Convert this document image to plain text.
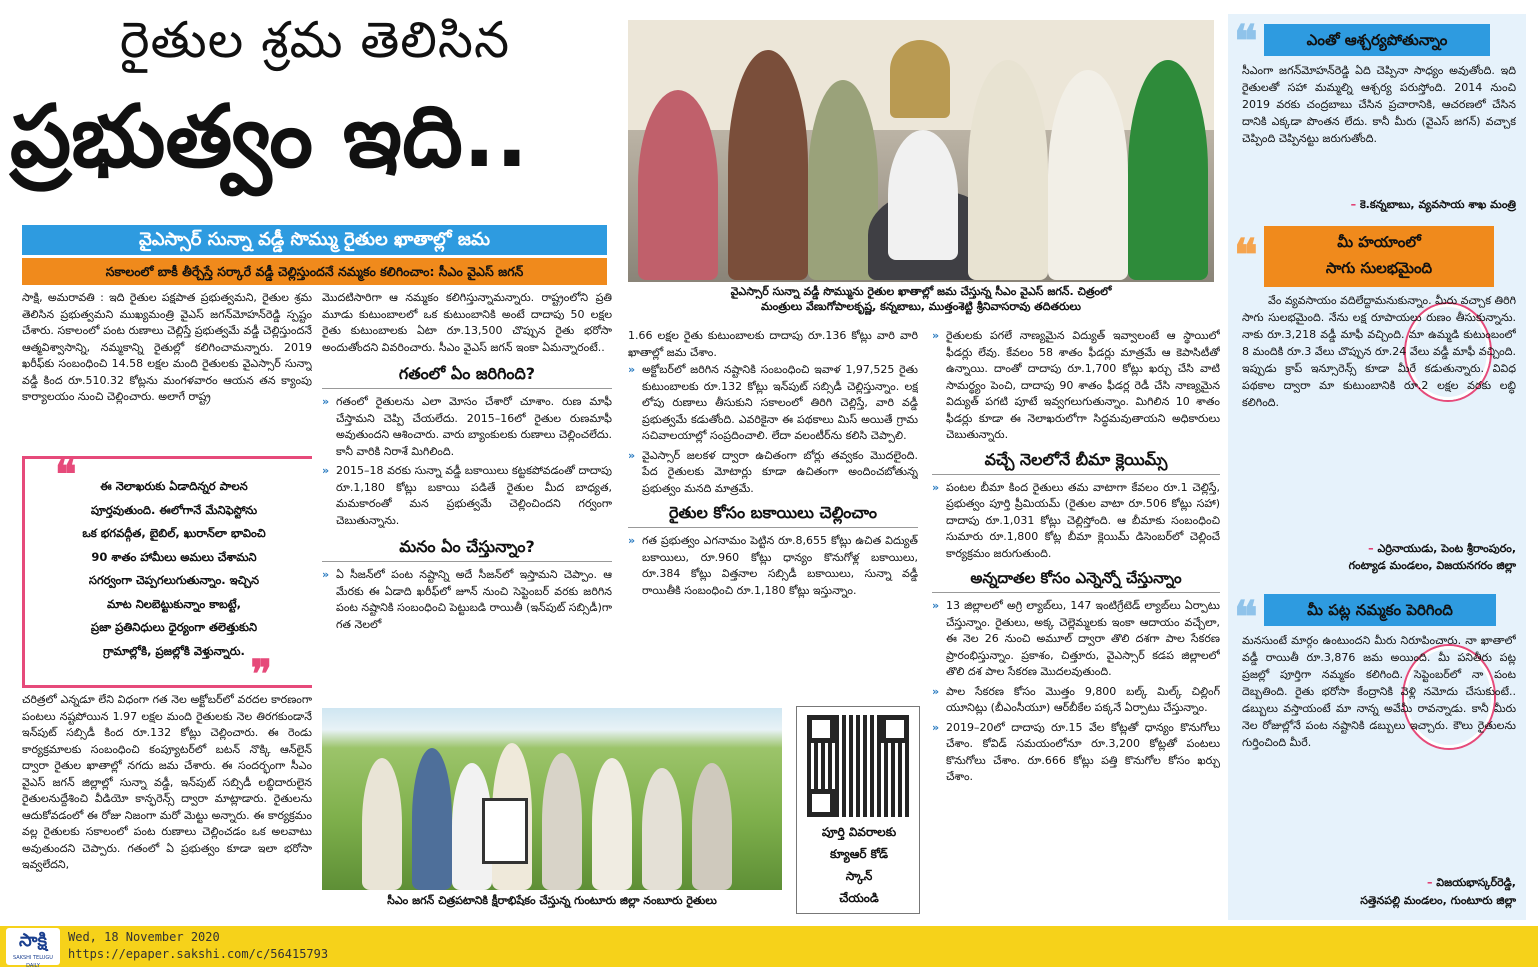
రైతుల శ్రమ తెలిసిన
ప్రభుత్వం ఇది..
వైఎస్సార్‌ సున్నా వడ్డీ సొమ్ము రైతుల ఖాతాల్లో జమ
సకాలంలో బాకీ తీర్చేస్తే సర్కారే వడ్డీ చెల్లిస్తుందనే నమ్మకం కలిగించాం: సీఎం వైఎస్‌ జగన్‌

సాక్షి, అమరావతి : ఇది రైతుల పక్షపాత ప్రభుత్వమని, రైతుల శ్రమ తెలిసిన ప్రభుత్వమని ముఖ్యమంత్రి వైఎస్‌ జగన్‌మోహన్‌రెడ్డి స్పష్టం చేశారు. సకాలంలో పంట రుణాలు చెల్లిస్తే ప్రభుత్వమే వడ్డీ చెల్లిస్తుందనే ఆత్మవిశ్వాసాన్ని, నమ్మకాన్ని రైతుల్లో కలిగించామన్నారు. 2019 ఖరీఫ్‌కు సంబంధించి 14.58 లక్షల మంది రైతులకు వైఎస్సార్‌ సున్నా వడ్డీ కింద రూ.510.32 కోట్లను మంగళవారం ఆయన తన క్యాంపు కార్యాలయం నుంచి చెల్లించారు. అలాగే రాష్ట్ర

❝
❞
ఈ నెలాఖరుకు ఏడాదిన్నర పాలన
పూర్తవుతుంది. ఈలోగానే మేనిఫెస్టోను
ఒక భగవద్గీత, బైబిల్‌, ఖురాన్‌లా భావించి
90 శాతం హామీలు అమలు చేశామని
సగర్వంగా చెప్పగలుగుతున్నాం. ఇచ్చిన
మాట నిలబెట్టుకున్నాం కాబట్టే,
ప్రజా ప్రతినిధులు ధైర్యంగా తలెత్తుకుని
గ్రామాల్లోకి, ప్రజల్లోకి వెళ్తున్నారు.

చరిత్రలో ఎన్నడూ లేని విధంగా గత నెల అక్టోబర్‌లో వరదల కారణంగా పంటలు నష్టపోయిన 1.97 లక్షల మంది రైతులకు నెల తిరగకుండానే ఇన్‌పుట్‌ సబ్సిడీ కింద రూ.132 కోట్లు చెల్లించారు. ఈ రెండు కార్యక్రమాలకు సంబంధించి కంప్యూటర్‌లో బటన్‌ నొక్కి ఆన్‌లైన్‌ ద్వారా రైతుల ఖాతాల్లో నగదు జమ చేశారు. ఈ సందర్భంగా సీఎం వైఎస్‌ జగన్‌ జిల్లాల్లో సున్నా వడ్డీ, ఇన్‌పుట్‌ సబ్సిడీ లబ్ధిదారులైన రైతులనుద్దేశించి వీడియో కాన్ఫరెన్స్‌ ద్వారా మాట్లాడారు. రైతులను ఆదుకోవడంలో ఈ రోజు నిజంగా మరో మెట్టు అన్నారు. ఈ కార్యక్రమం వల్ల రైతులకు సకాలంలో పంట రుణాలు చెల్లించడం ఒక అలవాటు అవుతుందని చెప్పారు. గతంలో ఏ ప్రభుత్వం కూడా ఇలా భరోసా ఇవ్వలేదని,

మొదటిసారిగా ఆ నమ్మకం కలిగిస్తున్నామన్నారు. రాష్ట్రంలోని ప్రతి మూడు కుటుంబాలలో ఒక కుటుంబానికి అంటే దాదాపు 50 లక్షల రైతు కుటుంబాలకు ఏటా రూ.13,500 చొప్పున రైతు భరోసా అందుతోందని వివరించారు. సీఎం వైఎస్‌ జగన్‌ ఇంకా ఏమన్నారంటే..

గతంలో ఏం జరిగింది?

» గతంలో రైతులను ఎలా మోసం చేశారో చూశాం. రుణ మాఫీ చేస్తామని చెప్పి చేయలేదు. 2015–16లో రైతుల రుణమాఫీ అవుతుందని ఆశించారు. వారు బ్యాంకులకు రుణాలు చెల్లించలేదు. కానీ వారికి నిరాశే మిగిలింది.

» 2015–18 వరకు సున్నా వడ్డీ బకాయిలు కట్టకపోవడంతో దాదాపు రూ.1,180 కోట్లు బకాయి పడితే రైతుల మీద బాధ్యత, మమకారంతో మన ప్రభుత్వమే చెల్లించిందని గర్వంగా చెబుతున్నాను.

మనం ఏం చేస్తున్నాం?

» ఏ సీజన్‌లో పంట నష్టాన్ని అదే సీజన్‌లో ఇస్తామని చెప్పాం. ఆ మేరకు ఈ ఏడాది ఖరీఫ్‌లో జూన్‌ నుంచి సెప్టెంబర్‌ వరకు జరిగిన పంట నష్టానికి సంబంధించి పెట్టుబడి రాయితీ (ఇన్‌పుట్‌ సబ్సిడీ)గా గత నెలలో

వైఎస్సార్‌ సున్నా వడ్డీ సొమ్మును రైతుల ఖాతాల్లో జమ చేస్తున్న సీఎం వైఎస్‌ జగన్‌. చిత్రంలో
మంత్రులు వేణుగోపాలకృష్ణ, కన్నబాబు, ముత్తంశెట్టి శ్రీనివాసరావు తదితరులు

1.66 లక్షల రైతు కుటుంబాలకు దాదాపు రూ.136 కోట్లు వారి వారి ఖాతాల్లో జమ చేశాం.

» అక్టోబర్‌లో జరిగిన నష్టానికి సంబంధించి ఇవాళ 1,97,525 రైతు కుటుంబాలకు రూ.132 కోట్లు ఇన్‌పుట్‌ సబ్సిడీ చెల్లిస్తున్నాం. లక్ష లోపు రుణాలు తీసుకుని సకాలంలో తిరిగి చెల్లిస్తే, వారి వడ్డీ ప్రభుత్వమే కడుతోంది. ఎవరికైనా ఈ పథకాలు మిస్‌ అయితే గ్రామ సచివాలయాల్లో సంప్రదించాలి. లేదా వలంటీర్‌ను కలిసి చెప్పాలి.

» వైఎస్సార్‌ జలకళ ద్వారా ఉచితంగా బోర్లు తవ్వకం మొదలైంది. పేద రైతులకు మోటార్లు కూడా ఉచితంగా అందించబోతున్న ప్రభుత్వం మనది మాత్రమే.

రైతుల కోసం బకాయిలు చెల్లించాం

» గత ప్రభుత్వం ఎగనామం పెట్టిన రూ.8,655 కోట్లు ఉచిత విద్యుత్‌ బకాయిలు, రూ.960 కోట్లు ధాన్యం కొనుగోళ్ల బకాయిలు, రూ.384 కోట్లు విత్తనాల సబ్సిడీ బకాయిలు, సున్నా వడ్డీ రాయితీకి సంబంధించి రూ.1,180 కోట్లు ఇస్తున్నాం.

» రైతులకు పగలే నాణ్యమైన విద్యుత్‌ ఇవ్వాలంటే ఆ స్థాయిలో ఫీడర్లు లేవు. కేవలం 58 శాతం ఫీడర్లు మాత్రమే ఆ కెపాసిటీతో ఉన్నాయి. దాంతో దాదాపు రూ.1,700 కోట్లు ఖర్చు చేసి వాటి సామర్థ్యం పెంచి, దాదాపు 90 శాతం ఫీడర్ల రెడీ చేసి నాణ్యమైన విద్యుత్‌ పగటి పూటే ఇవ్వగలుగుతున్నాం. మిగిలిన 10 శాతం ఫీడర్లు కూడా ఈ నెలాఖరులోగా సిద్ధమవుతాయని అధికారులు చెబుతున్నారు.

వచ్చే నెలలోనే బీమా క్లెయిమ్స్‌

» పంటల బీమా కింద రైతులు తమ వాటాగా కేవలం రూ.1 చెల్లిస్తే, ప్రభుత్వం పూర్తి ప్రీమియమ్‌ (రైతుల వాటా రూ.506 కోట్లు సహా) దాదాపు రూ.1,031 కోట్లు చెల్లిస్తోంది. ఆ బీమాకు సంబంధించి సుమారు రూ.1,800 కోట్ల బీమా క్లెయిమ్‌ డిసెంబర్‌లో చెల్లించే కార్యక్రమం జరుగుతుంది.

అన్నదాతల కోసం ఎన్నెన్నో చేస్తున్నాం

» 13 జిల్లాలలో అగ్రి ల్యాబ్‌లు, 147 ఇంటిగ్రేటెడ్‌ ల్యాబ్‌లు ఏర్పాటు చేస్తున్నాం. రైతులు, అక్క చెల్లెమ్మలకు ఇంకా ఆదాయం వచ్చేలా, ఈ నెల 26 నుంచి అమూల్‌ ద్వారా తొలి దశగా పాల సేకరణ ప్రారంభిస్తున్నాం. ప్రకాశం, చిత్తూరు, వైఎస్సార్‌ కడప జిల్లాలలో తొలి దశ పాల సేకరణ మొదలవుతుంది.

» పాల సేకరణ కోసం మొత్తం 9,800 బల్క్‌ మిల్క్‌ చిల్లింగ్‌ యూనిట్లు (బీఎంసీయూ) ఆర్‌బీకేల పక్కనే ఏర్పాటు చేస్తున్నాం.

» 2019–20లో దాదాపు రూ.15 వేల కోట్లతో ధాన్యం కొనుగోలు చేశాం. కోవిడ్‌ సమయంలోనూ రూ.3,200 కోట్లతో పంటలు కొనుగోలు చేశాం. రూ.666 కోట్లు పత్తి కొనుగోల కోసం ఖర్చు చేశాం.

సీఎం జగన్‌ చిత్రపటానికి క్షీరాభిషేకం చేస్తున్న గుంటూరు జిల్లా నంబూరు రైతులు
పూర్తి వివరాలకు
క్యూఆర్‌ కోడ్‌
స్కాన్‌
చేయండి
❝	ఎంతో ఆశ్చర్యపోతున్నాం
సీఎంగా జగన్‌మోహన్‌రెడ్డి ఏది చెప్పినా సాధ్యం అవుతోంది. ఇది రైతులతో సహా మమ్మల్ని ఆశ్చర్య పరుస్తోంది. 2014 నుంచి 2019 వరకు చంద్రబాబు చేసిన ప్రచారానికి, ఆచరణలో చేసిన దానికి ఎక్కడా పొంతన లేదు. కానీ మీరు (వైఎస్‌ జగన్‌) వచ్చాక చెప్పింది చెప్పినట్టు జరుగుతోంది.
– కె.కన్నబాబు, వ్యవసాయ శాఖ మంత్రి
❝	మీ హయాంలో
సాగు సులభమైంది
వేం వ్యవసాయం వదిలేద్దామనుకున్నాం. మీరు వచ్చాక తిరిగి సాగు సులభమైంది. నేను లక్ష రూపాయలు రుణం తీసుకున్నాను. నాకు రూ.3,218 వడ్డీ మాఫీ వచ్చింది. మా ఉమ్మడి కుటుంబంలో 8 మందికి రూ.3 వేలు చొప్పున రూ.24 వేలు వడ్డీ మాఫీ వచ్చింది. ఇప్పుడు క్రాప్‌ ఇన్సూరెన్స్‌ కూడా మీరే కడుతున్నారు. వివిధ పథకాల ద్వారా మా కుటుంబానికి రూ.2 లక్షల వరకు లబ్ధి కలిగింది.
– ఎర్రినాయుడు, పెంట శ్రీరాంపురం,
గంట్యాడ మండలం, విజయనగరం జిల్లా
❝	మీ పట్ల నమ్మకం పెరిగింది
మనసుంటే మార్గం ఉంటుందని మీరు నిరూపించారు. నా ఖాతాలో వడ్డీ రాయితీ రూ.3,876 జమ అయింది. మీ పనితీరు పట్ల ప్రజల్లో పూర్తిగా నమ్మకం కలిగింది. సెప్టెంబర్‌లో నా పంట దెబ్బతింది. రైతు భరోసా కేంద్రానికి వెళ్లి నమోదు చేసుకుంటే.. డబ్బులు వస్తాయంటే మా నాన్న అవేమీ రావన్నాడు. కానీ మీరు నెల రోజుల్లోనే పంట నష్టానికి డబ్బులు ఇచ్చారు. కౌలు రైతులను గుర్తించింది మీరే.
– విజయభాస్కర్‌రెడ్డి,
సత్తెనపల్లి మండలం, గుంటూరు జిల్లా
సాక్షి
SAKSHI TELUGU DAILY
Wed, 18 November 2020
https://epaper.sakshi.com/c/56415793
